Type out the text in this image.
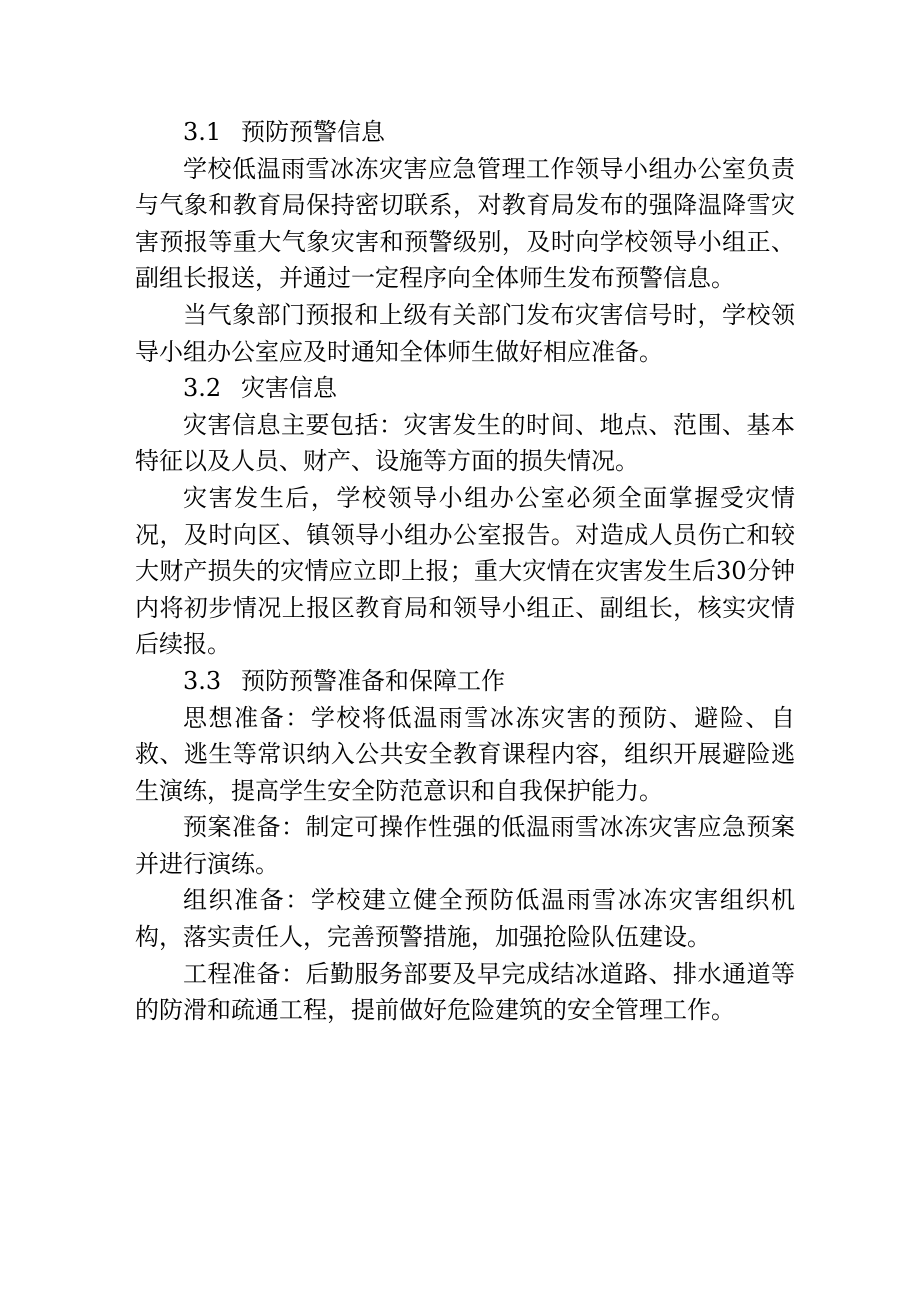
3.1 预防预警信息

学校低温雨雪冰冻灾害应急管理工作领导小组办公室负责与气象和教育局保持密切联系，对教育局发布的强降温降雪灾害预报等重大气象灾害和预警级别，及时向学校领导小组正、副组长报送，并通过一定程序向全体师生发布预警信息。

当气象部门预报和上级有关部门发布灾害信号时，学校领导小组办公室应及时通知全体师生做好相应准备。

3.2 灾害信息

灾害信息主要包括：灾害发生的时间、地点、范围、基本特征以及人员、财产、设施等方面的损失情况。

灾害发生后，学校领导小组办公室必须全面掌握受灾情况，及时向区、镇领导小组办公室报告。对造成人员伤亡和较大财产损失的灾情应立即上报；重大灾情在灾害发生后30分钟内将初步情况上报区教育局和领导小组正、副组长，核实灾情后续报。

3.3 预防预警准备和保障工作

思想准备：学校将低温雨雪冰冻灾害的预防、避险、自救、逃生等常识纳入公共安全教育课程内容，组织开展避险逃生演练，提高学生安全防范意识和自我保护能力。

预案准备：制定可操作性强的低温雨雪冰冻灾害应急预案并进行演练。

组织准备：学校建立健全预防低温雨雪冰冻灾害组织机构，落实责任人，完善预警措施，加强抢险队伍建设。

工程准备：后勤服务部要及早完成结冰道路、排水通道等的防滑和疏通工程，提前做好危险建筑的安全管理工作。
